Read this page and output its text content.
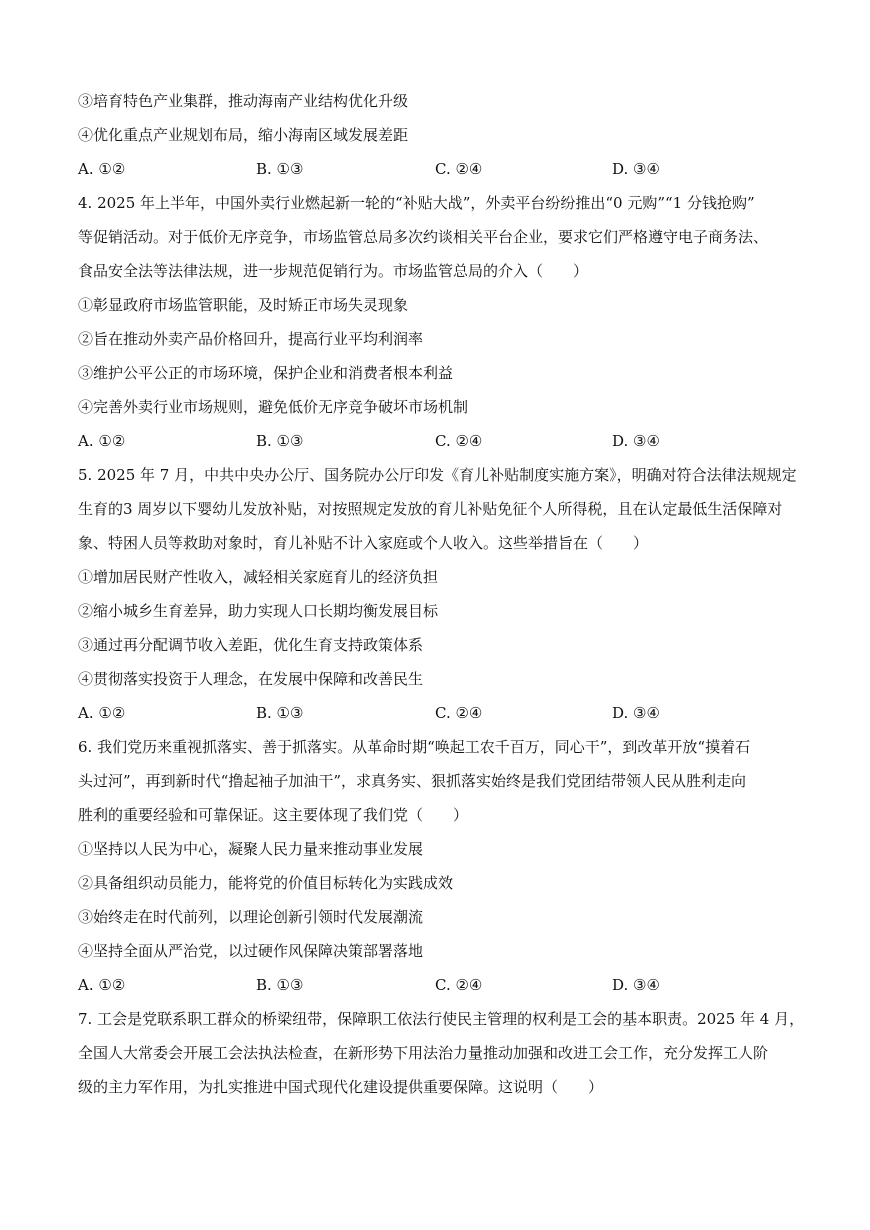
③培育特色产业集群，推动海南产业结构优化升级
④优化重点产业规划布局，缩小海南区域发展差距
A. ①②	B. ①③	C. ②④	D. ③④
4. 2025 年上半年，中国外卖行业燃起新一轮的“补贴大战”，外卖平台纷纷推出“0 元购”“1 分钱抢购”
等促销活动。对于低价无序竞争，市场监管总局多次约谈相关平台企业，要求它们严格遵守电子商务法、
食品安全法等法律法规，进一步规范促销行为。市场监管总局的介入（　　）
①彰显政府市场监管职能，及时矫正市场失灵现象
②旨在推动外卖产品价格回升，提高行业平均利润率
③维护公平公正的市场环境，保护企业和消费者根本利益
④完善外卖行业市场规则，避免低价无序竞争破坏市场机制
A. ①②	B. ①③	C. ②④	D. ③④
5. 2025 年 7 月，中共中央办公厅、国务院办公厅印发《育儿补贴制度实施方案》，明确对符合法律法规规定
生育的3 周岁以下婴幼儿发放补贴，对按照规定发放的育儿补贴免征个人所得税，且在认定最低生活保障对
象、特困人员等救助对象时，育儿补贴不计入家庭或个人收入。这些举措旨在（　　）
①增加居民财产性收入，减轻相关家庭育儿的经济负担
②缩小城乡生育差异，助力实现人口长期均衡发展目标
③通过再分配调节收入差距，优化生育支持政策体系
④贯彻落实投资于人理念，在发展中保障和改善民生
A. ①②	B. ①③	C. ②④	D. ③④
6. 我们党历来重视抓落实、善于抓落实。从革命时期“唤起工农千百万，同心干”，到改革开放“摸着石
头过河”，再到新时代“撸起袖子加油干”，求真务实、狠抓落实始终是我们党团结带领人民从胜利走向
胜利的重要经验和可靠保证。这主要体现了我们党（　　）
①坚持以人民为中心，凝聚人民力量来推动事业发展
②具备组织动员能力，能将党的价值目标转化为实践成效
③始终走在时代前列，以理论创新引领时代发展潮流
④坚持全面从严治党，以过硬作风保障决策部署落地
A. ①②	B. ①③	C. ②④	D. ③④
7. 工会是党联系职工群众的桥梁纽带，保障职工依法行使民主管理的权利是工会的基本职责。2025 年 4 月，
全国人大常委会开展工会法执法检查，在新形势下用法治力量推动加强和改进工会工作，充分发挥工人阶
级的主力军作用，为扎实推进中国式现代化建设提供重要保障。这说明（　　）
